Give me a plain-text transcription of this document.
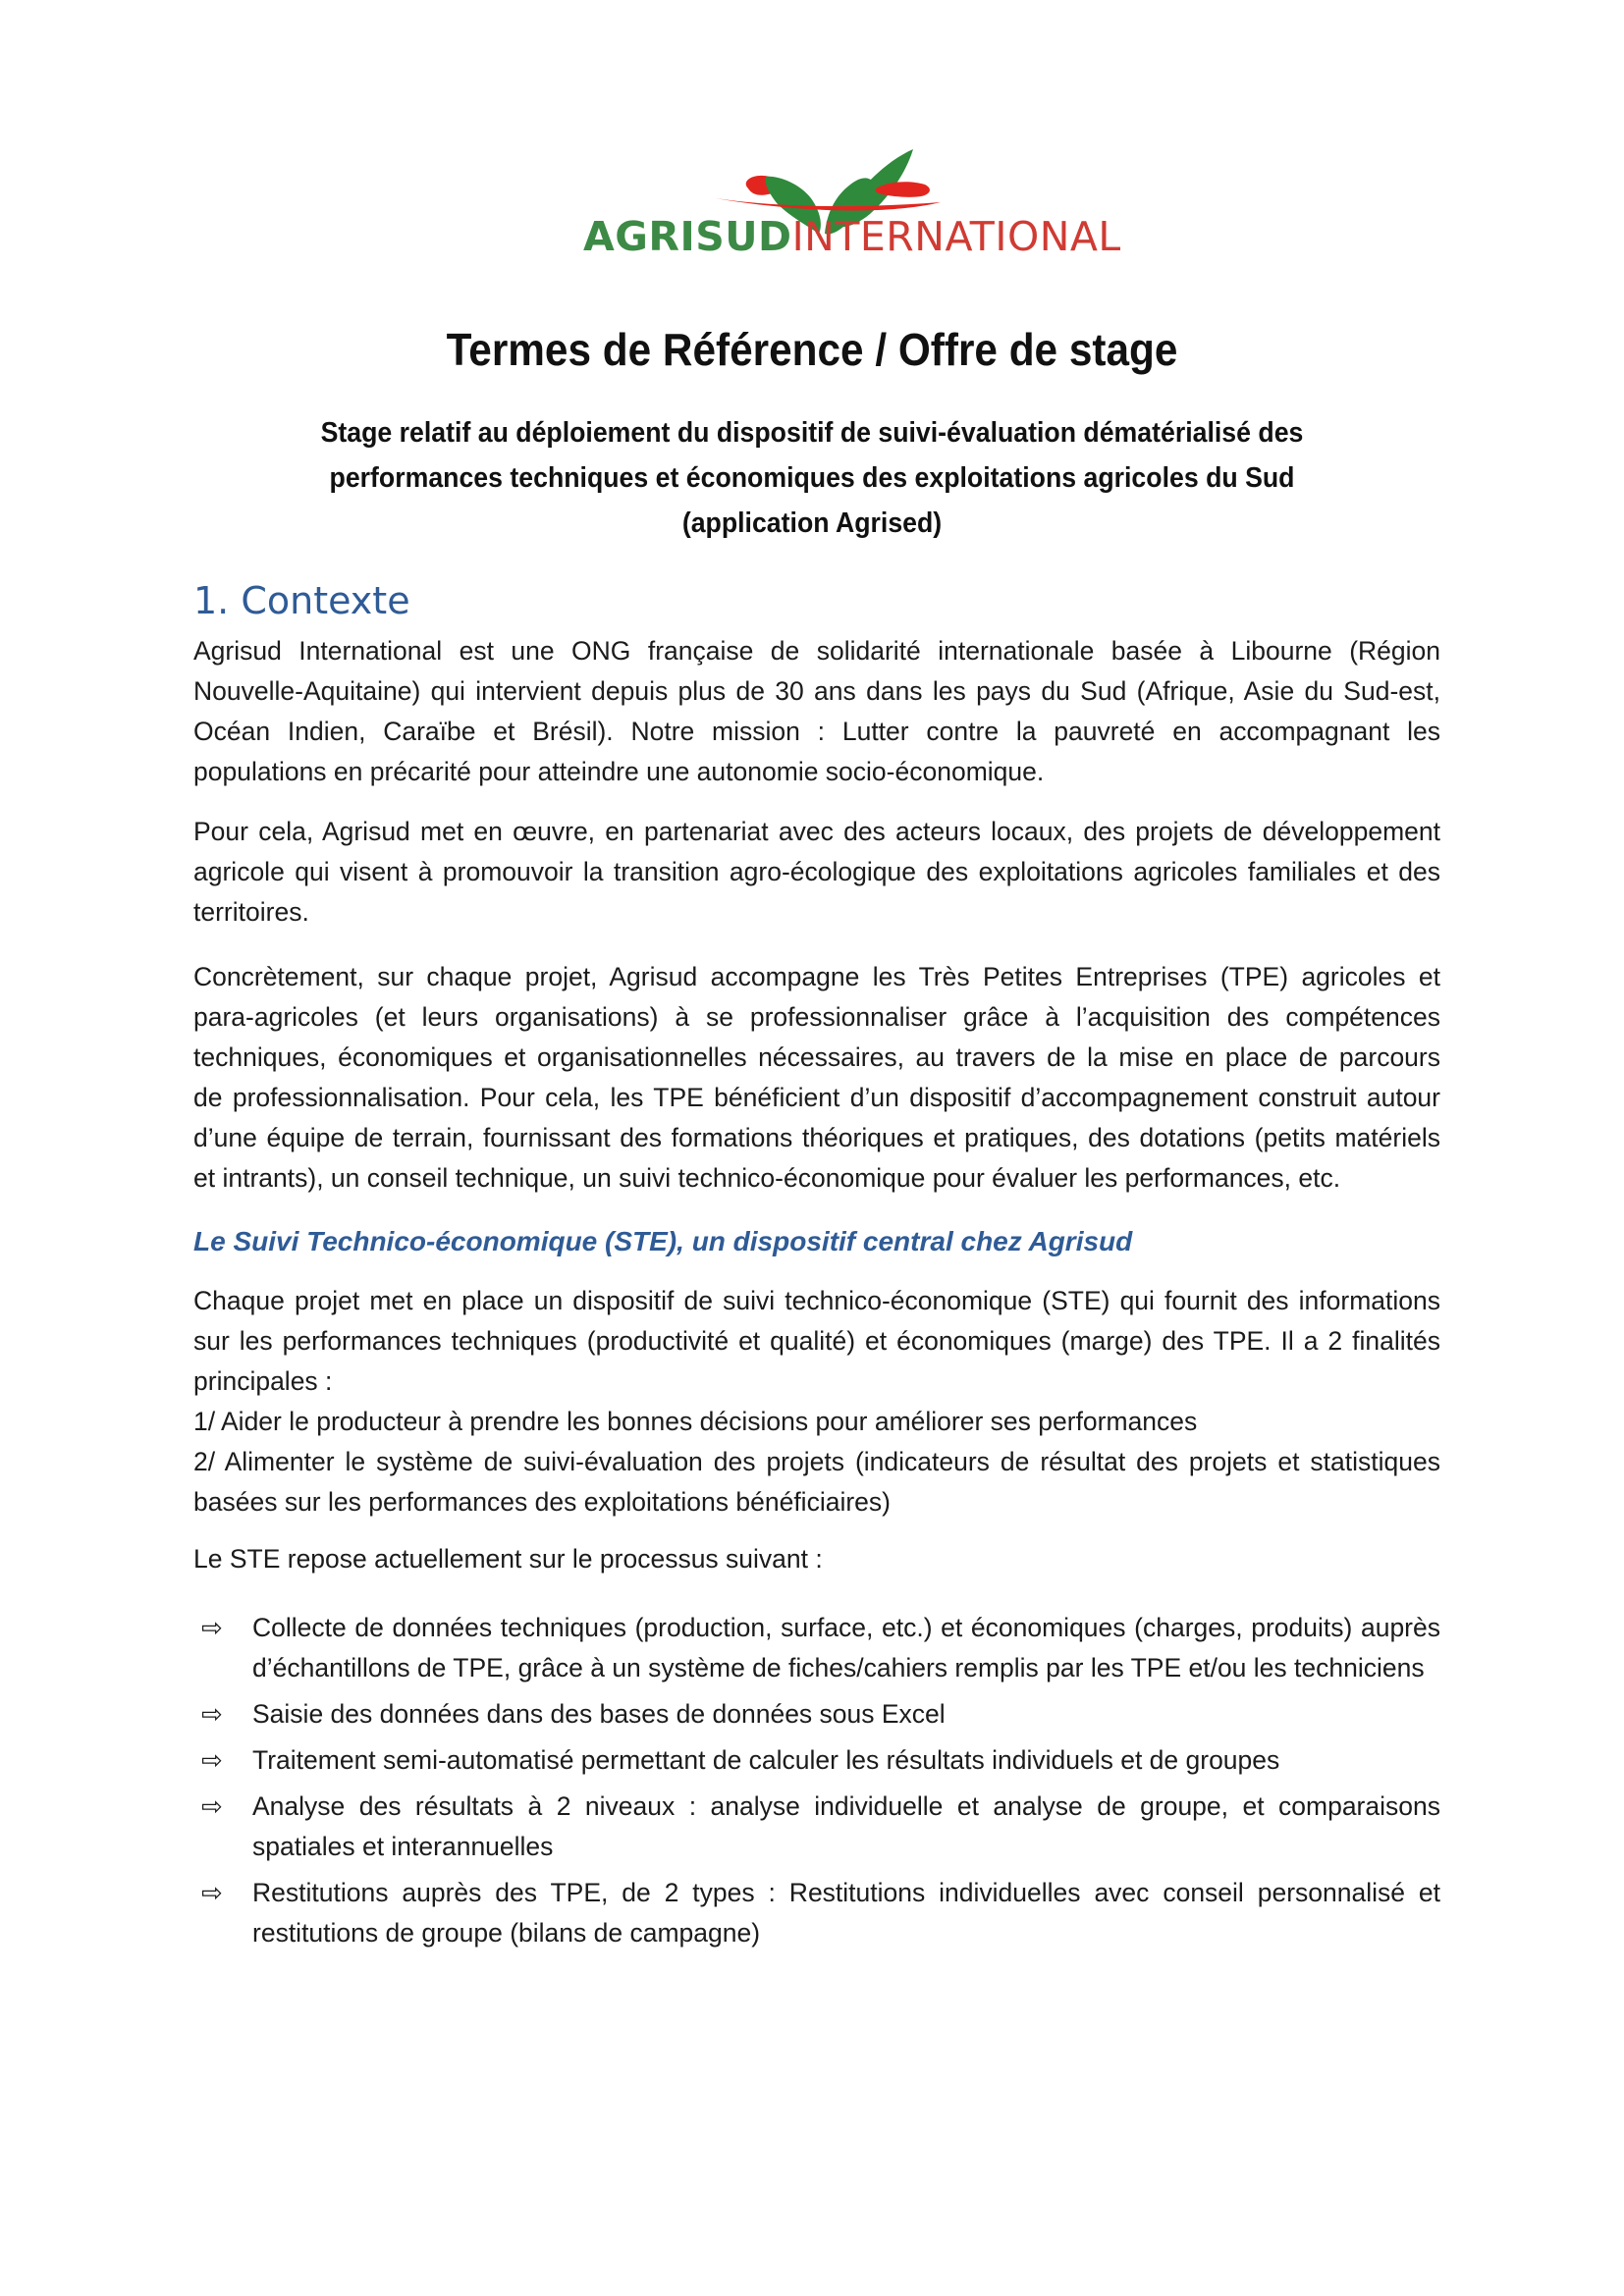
AGRISUDINTERNATIONAL
Termes de Référence / Offre de stage
Stage relatif au déploiement du dispositif de suivi-évaluation dématérialisé des
performances techniques et économiques des exploitations agricoles du Sud
(application Agrised)
1. Contexte
Agrisud International est une ONG française de solidarité internationale basée à Libourne (Région
Nouvelle-Aquitaine) qui intervient depuis plus de 30 ans dans les pays du Sud (Afrique, Asie du Sud-est,
Océan Indien, Caraïbe et Brésil). Notre mission : Lutter contre la pauvreté en accompagnant les
populations en précarité pour atteindre une autonomie socio-économique.
Pour cela, Agrisud met en œuvre, en partenariat avec des acteurs locaux, des projets de développement
agricole qui visent à promouvoir la transition agro-écologique des exploitations agricoles familiales et des
territoires.
Concrètement, sur chaque projet, Agrisud accompagne les Très Petites Entreprises (TPE) agricoles et
para-agricoles (et leurs organisations) à se professionnaliser grâce à l’acquisition des compétences
techniques, économiques et organisationnelles nécessaires, au travers de la mise en place de parcours
de professionnalisation. Pour cela, les TPE bénéficient d’un dispositif d’accompagnement construit autour
d’une équipe de terrain, fournissant des formations théoriques et pratiques, des dotations (petits matériels
et intrants), un conseil technique, un suivi technico-économique pour évaluer les performances, etc.
Le Suivi Technico-économique (STE), un dispositif central chez Agrisud
Chaque projet met en place un dispositif de suivi technico-économique (STE) qui fournit des informations
sur les performances techniques (productivité et qualité) et économiques (marge) des TPE. Il a 2 finalités
principales :
1/ Aider le producteur à prendre les bonnes décisions pour améliorer ses performances
2/ Alimenter le système de suivi-évaluation des projets (indicateurs de résultat des projets et statistiques
basées sur les performances des exploitations bénéficiaires)
Le STE repose actuellement sur le processus suivant :
⇨ Collecte de données techniques (production, surface, etc.) et économiques (charges, produits) auprès d’échantillons de TPE, grâce à un système de fiches/cahiers remplis par les TPE et/ou les techniciens
⇨ Saisie des données dans des bases de données sous Excel
⇨ Traitement semi-automatisé permettant de calculer les résultats individuels et de groupes
⇨ Analyse des résultats à 2 niveaux : analyse individuelle et analyse de groupe, et comparaisons spatiales et interannuelles
⇨ Restitutions auprès des TPE, de 2 types : Restitutions individuelles avec conseil personnalisé et restitutions de groupe (bilans de campagne)
